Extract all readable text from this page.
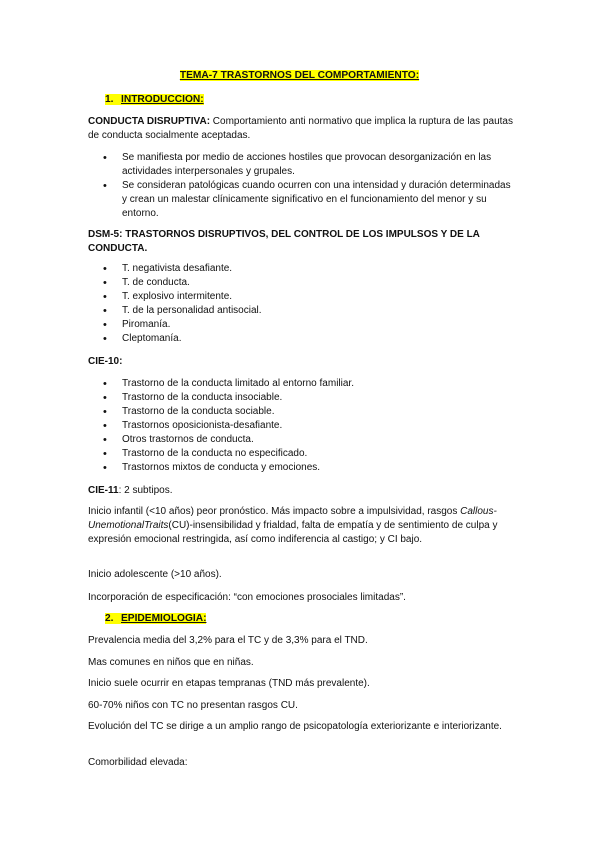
TEMA-7 TRASTORNOS DEL COMPORTAMIENTO:
1. INTRODUCCION:
CONDUCTA DISRUPTIVA: Comportamiento anti normativo que implica la ruptura de las pautas de conducta socialmente aceptadas.
• Se manifiesta por medio de acciones hostiles que provocan desorganización en las actividades interpersonales y grupales.
• Se consideran patológicas cuando ocurren con una intensidad y duración determinadas y crean un malestar clínicamente significativo en el funcionamiento del menor y su entorno.
DSM-5: TRASTORNOS DISRUPTIVOS, DEL CONTROL DE LOS IMPULSOS Y DE LA CONDUCTA.
• T. negativista desafiante.
• T. de conducta.
• T. explosivo intermitente.
• T. de la personalidad antisocial.
• Piromanía.
• Cleptomanía.
CIE-10:
• Trastorno de la conducta limitado al entorno familiar.
• Trastorno de la conducta insociable.
• Trastorno de la conducta sociable.
• Trastornos oposicionista-desafiante.
• Otros trastornos de conducta.
• Trastorno de la conducta no especificado.
• Trastornos mixtos de conducta y emociones.
CIE-11: 2 subtipos.
Inicio infantil (<10 años) peor pronóstico. Más impacto sobre a impulsividad, rasgos Callous-UnemotionalTraits(CU)-insensibilidad y frialdad, falta de empatía y de sentimiento de culpa y expresión emocional restringida, así como indiferencia al castigo; y CI bajo.
Inicio adolescente (>10 años).
Incorporación de especificación: “con emociones prosociales limitadas”.
2. EPIDEMIOLOGIA:
Prevalencia media del 3,2% para el TC y de 3,3% para el TND.
Mas comunes en niños que en niñas.
Inicio suele ocurrir en etapas tempranas (TND más prevalente).
60-70% niños con TC no presentan rasgos CU.
Evolución del TC se dirige a un amplio rango de psicopatología exteriorizante e interiorizante.
Comorbilidad elevada:
